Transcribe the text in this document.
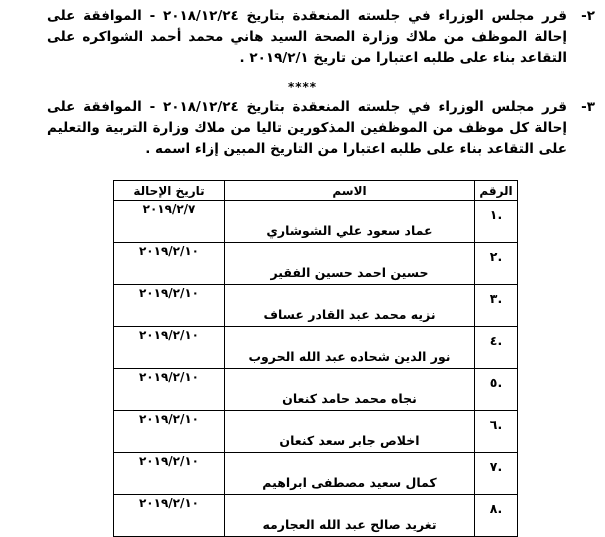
٢-
قرر مجلس الوزراء في جلسته المنعقدة بتاريخ ٢٠١٨/١٢/٢٤ - الموافقة على إحالة الموظف من ملاك وزارة الصحة السيد هاني محمد أحمد الشواكره على التقاعد بناء على طلبه اعتبارا من تاريخ ٢٠١٩/٢/١ .
****
٣-
قرر مجلس الوزراء في جلسته المنعقدة بتاريخ ٢٠١٨/١٢/٢٤ - الموافقة على إحالة كل موظف من الموظفين المذكورين تاليا من ملاك وزارة التربية والتعليم على التقاعد بناء على طلبه اعتبارا من التاريخ المبين إزاء اسمه .
الرقم	الاسم	تاريخ الإحالة
.١	عماد سعود علي الشوشاري	٢٠١٩/٢/٧
.٢	حسين احمد حسين الفقير	٢٠١٩/٢/١٠
.٣	نزيه محمد عبد القادر عساف	٢٠١٩/٢/١٠
.٤	نور الدين شحاده عبد الله الحروب	٢٠١٩/٢/١٠
.٥	نجاه محمد حامد كنعان	٢٠١٩/٢/١٠
.٦	اخلاص جابر سعد كنعان	٢٠١٩/٢/١٠
.٧	كمال سعيد مصطفى ابراهيم	٢٠١٩/٢/١٠
.٨	تغريد صالح عبد الله العجارمه	٢٠١٩/٢/١٠
